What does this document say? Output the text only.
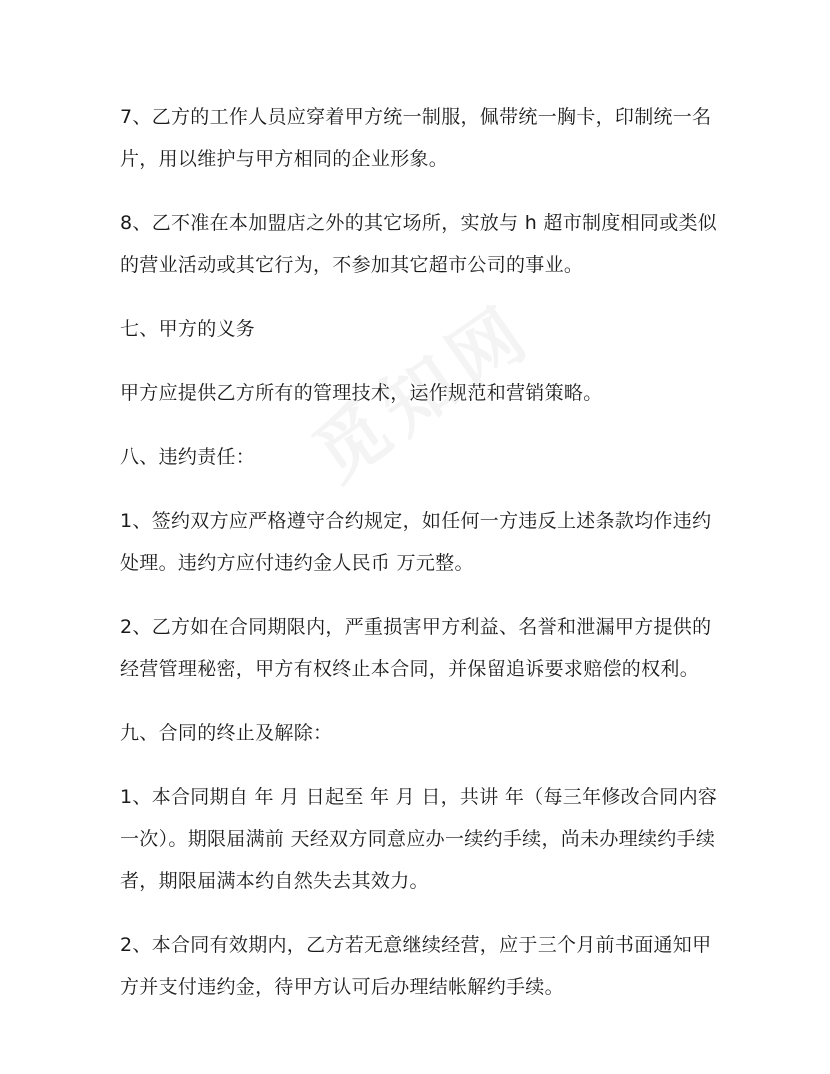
7、乙方的工作人员应穿着甲方统一制服，佩带统一胸卡，印制统一名片，用以维护与甲方相同的企业形象。

8、乙不准在本加盟店之外的其它场所，实放与 h 超市制度相同或类似的营业活动或其它行为，不参加其它超市公司的事业。

七、甲方的义务

甲方应提供乙方所有的管理技术，运作规范和营销策略。

八、违约责任：

1、签约双方应严格遵守合约规定，如任何一方违反上述条款均作违约处理。违约方应付违约金人民币 万元整。

2、乙方如在合同期限内，严重损害甲方利益、名誉和泄漏甲方提供的经营管理秘密，甲方有权终止本合同，并保留追诉要求赔偿的权利。

九、合同的终止及解除：

1、本合同期自 年 月 日起至 年 月 日，共讲 年（每三年修改合同内容一次）。期限届满前 天经双方同意应办一续约手续，尚未办理续约手续者，期限届满本约自然失去其效力。

2、本合同有效期内，乙方若无意继续经营，应于三个月前书面通知甲方并支付违约金，待甲方认可后办理结帐解约手续。
